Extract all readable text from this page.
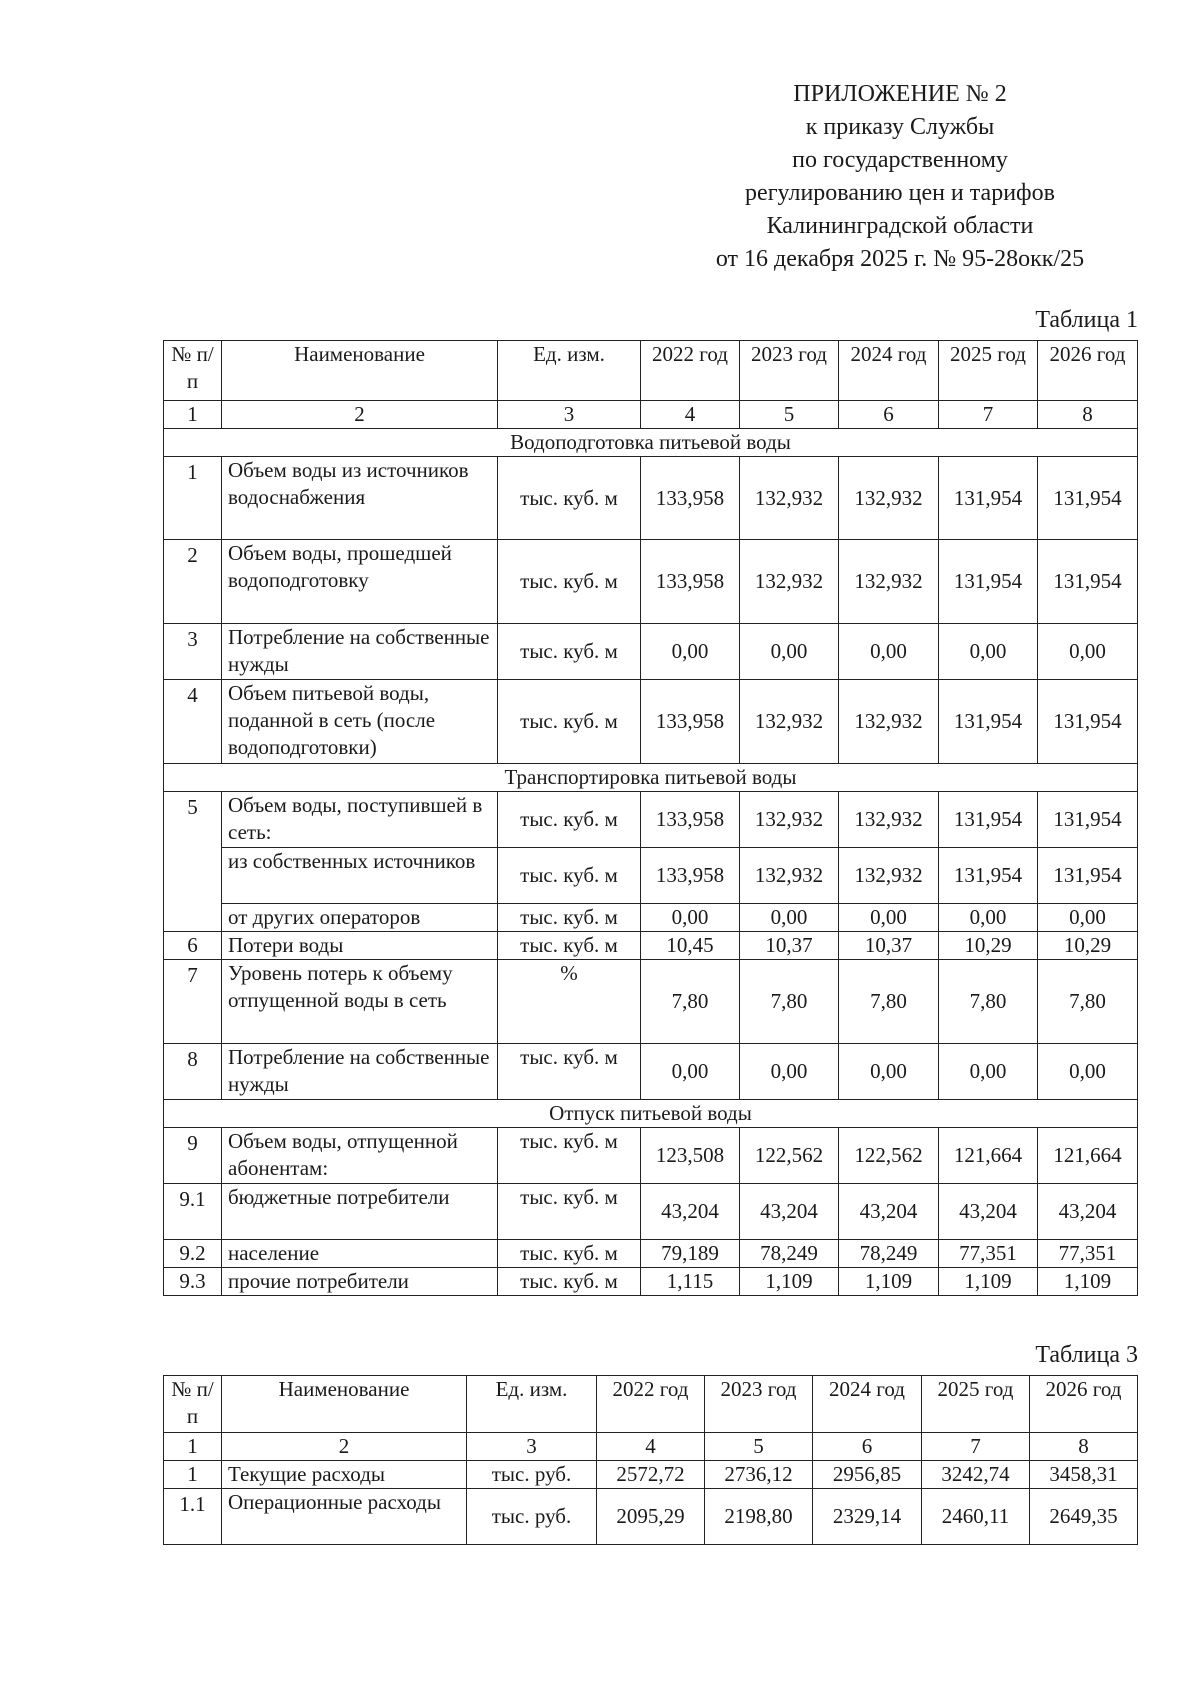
ПРИЛОЖЕНИЕ № 2
к приказу Службы
по государственному
регулированию цен и тарифов
Калининградской области
от 16 декабря 2025 г. № 95-28окк/25
Таблица 1
№ п/п	Наименование	Ед. изм.	2022 год	2023 год	2024 год	2025 год	2026 год
1	2	3	4	5	6	7	8
Водоподготовка питьевой воды							
1	Объем воды из источников водоснабжения	тыс. куб. м	133,958	132,932	132,932	131,954	131,954
2	Объем воды, прошедшей водоподготовку	тыс. куб. м	133,958	132,932	132,932	131,954	131,954
3	Потребление на собственные нужды	тыс. куб. м	0,00	0,00	0,00	0,00	0,00
4	Объем питьевой воды, поданной в сеть (после водоподготовки)	тыс. куб. м	133,958	132,932	132,932	131,954	131,954
Транспортировка питьевой воды							
5	Объем воды, поступившей в сеть:	тыс. куб. м	133,958	132,932	132,932	131,954	131,954
	из собственных источников	тыс. куб. м	133,958	132,932	132,932	131,954	131,954
	от других операторов	тыс. куб. м	0,00	0,00	0,00	0,00	0,00
6	Потери воды	тыс. куб. м	10,45	10,37	10,37	10,29	10,29
7	Уровень потерь к объему отпущенной воды в сеть	%	7,80	7,80	7,80	7,80	7,80
8	Потребление на собственные нужды	тыс. куб. м	0,00	0,00	0,00	0,00	0,00
Отпуск питьевой воды							
9	Объем воды, отпущенной абонентам:	тыс. куб. м	123,508	122,562	122,562	121,664	121,664
9.1	бюджетные потребители	тыс. куб. м	43,204	43,204	43,204	43,204	43,204
9.2	население	тыс. куб. м	79,189	78,249	78,249	77,351	77,351
9.3	прочие потребители	тыс. куб. м	1,115	1,109	1,109	1,109	1,109
Таблица 3
№ п/п	Наименование	Ед. изм.	2022 год	2023 год	2024 год	2025 год	2026 год
1	2	3	4	5	6	7	8
1	Текущие расходы	тыс. руб.	2572,72	2736,12	2956,85	3242,74	3458,31
1.1	Операционные расходы	тыс. руб.	2095,29	2198,80	2329,14	2460,11	2649,35
